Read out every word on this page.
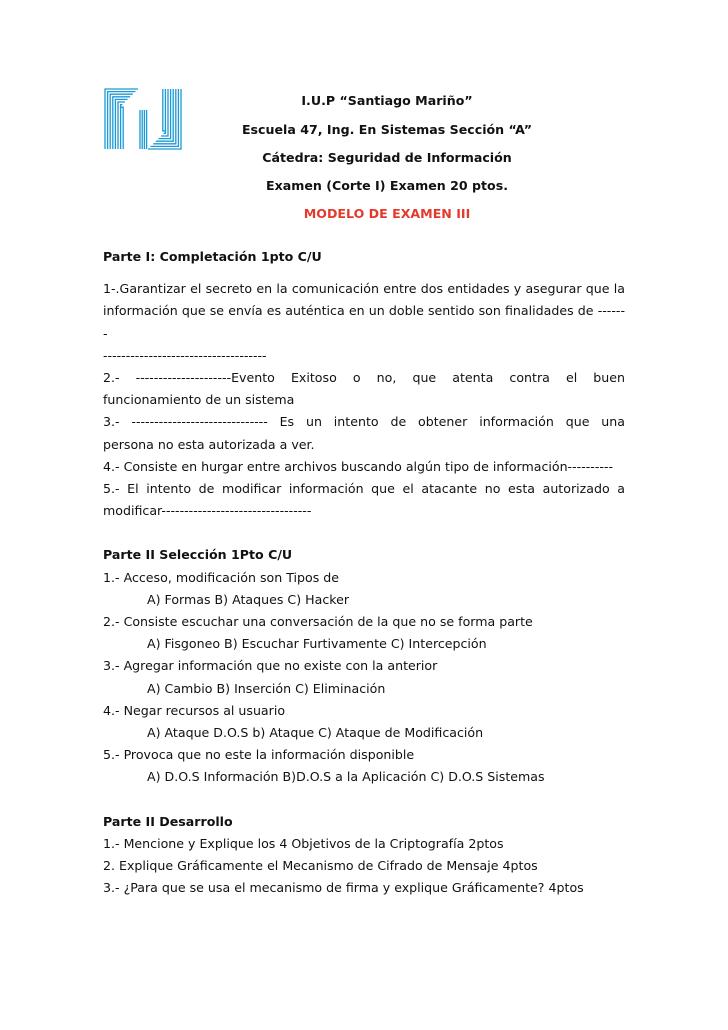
I.U.P “Santiago Mariño”
Escuela 47, Ing. En Sistemas Sección “A”
Cátedra: Seguridad de Información
Examen (Corte I) Examen 20 ptos.
MODELO DE EXAMEN III
Parte I: Completación 1pto C/U
1-.Garantizar el secreto en la comunicación entre dos entidades y asegurar que la información que se envía es auténtica en un doble sentido son finalidades de -------
------------------------------------
2.- ---------------------Evento Exitoso o no, que atenta contra el buen
funcionamiento de un sistema
3.- ------------------------------ Es un intento de obtener información que una
persona no esta autorizada a ver.
4.- Consiste en hurgar entre archivos buscando algún tipo de información----------
5.- El intento de modificar información que el atacante no esta autorizado a
modificar---------------------------------
Parte II Selección 1Pto C/U
1.- Acceso, modificación son Tipos de
A) Formas B) Ataques C) Hacker
2.- Consiste escuchar una conversación de la que no se forma parte
A) Fisgoneo B) Escuchar Furtivamente C) Intercepción
3.- Agregar información que no existe con la anterior
A) Cambio B) Inserción C) Eliminación
4.- Negar recursos al usuario
A) Ataque D.O.S b) Ataque C) Ataque de Modificación
5.- Provoca que no este la información disponible
A) D.O.S Información B)D.O.S a la Aplicación C) D.O.S Sistemas
Parte II Desarrollo
1.- Mencione y Explique los 4 Objetivos de la Criptografía 2ptos
2. Explique Gráficamente el Mecanismo de Cifrado de Mensaje 4ptos
3.- ¿Para que se usa el mecanismo de firma y explique Gráficamente? 4ptos
